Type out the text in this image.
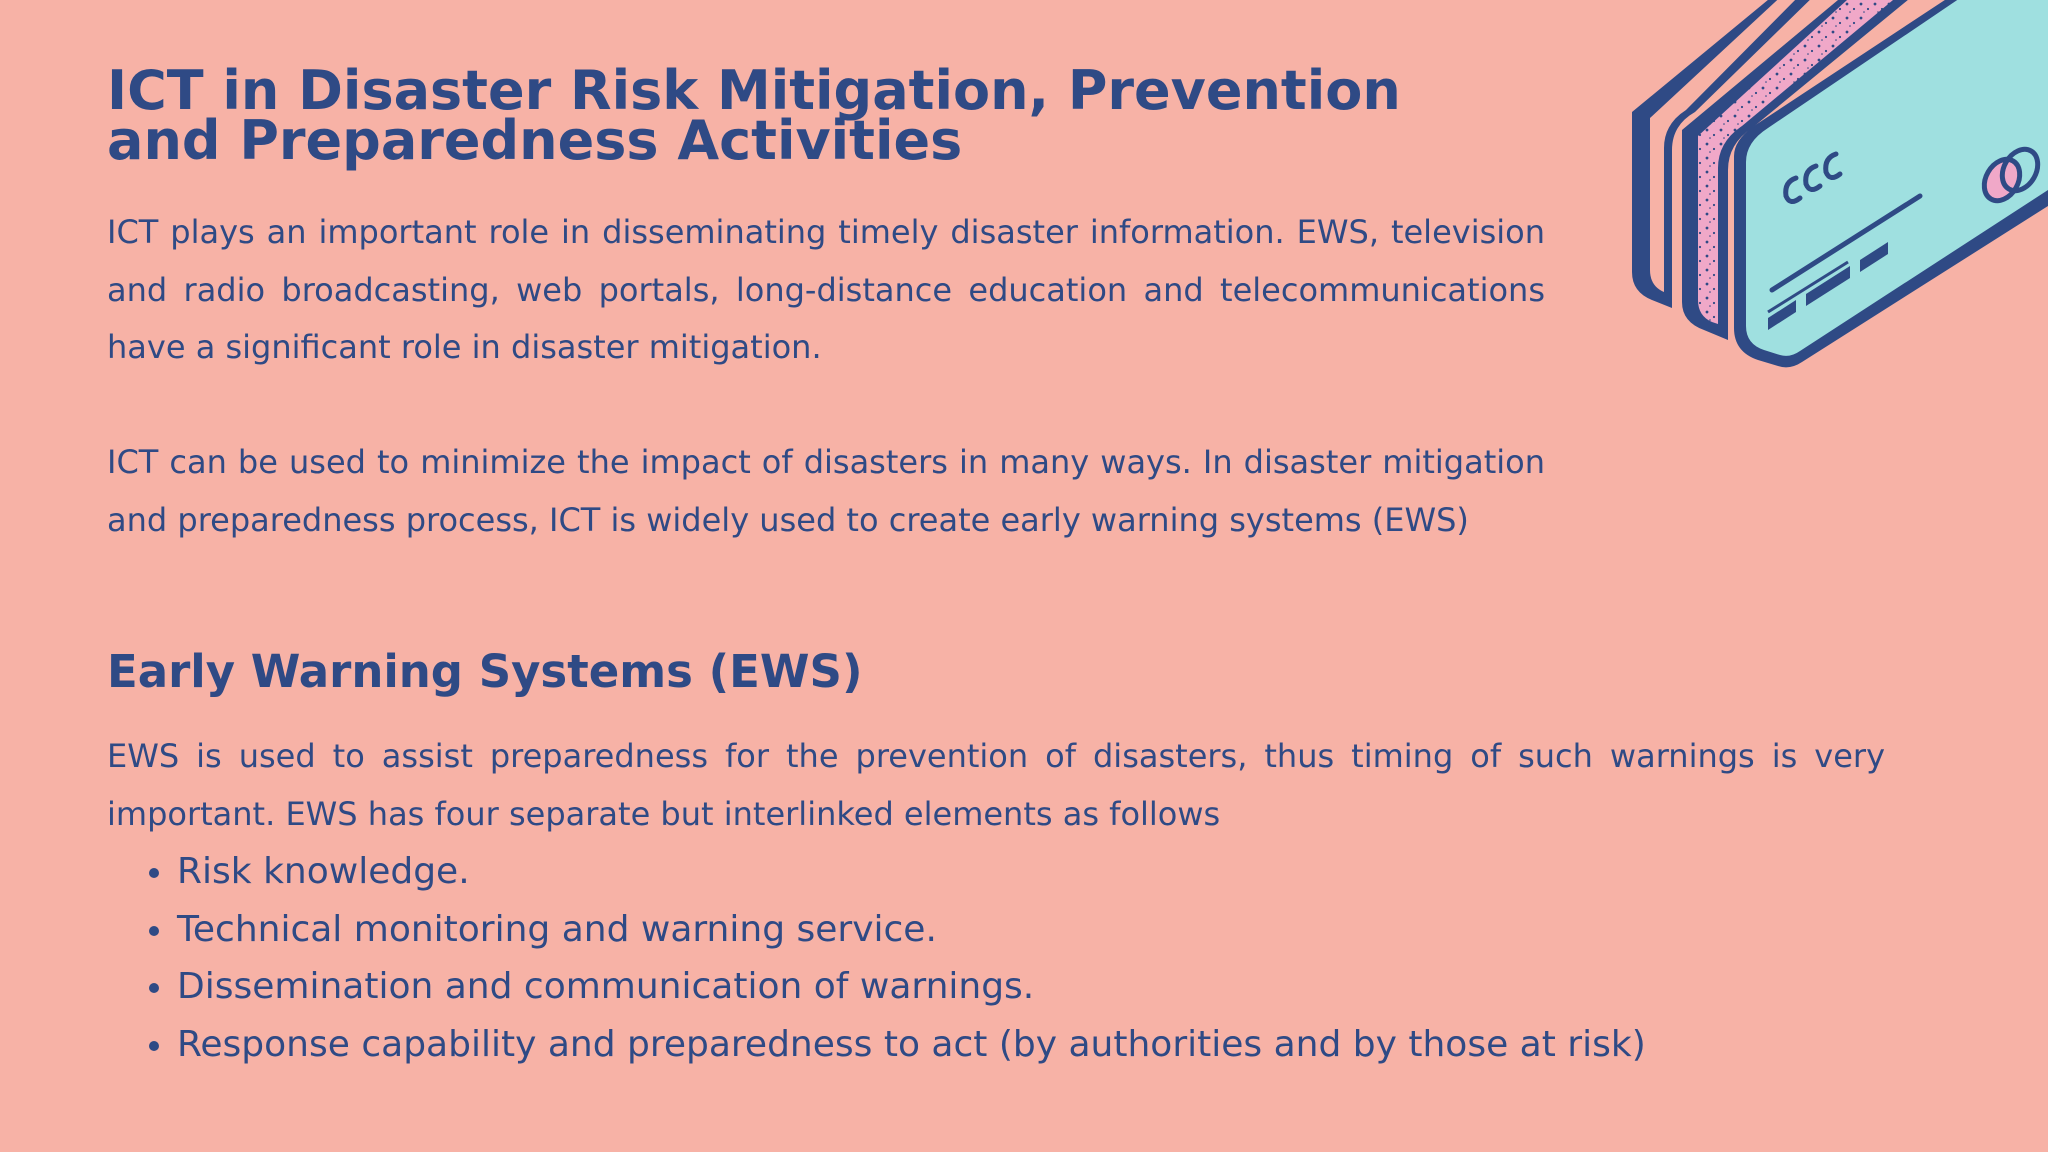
ICT in Disaster Risk Mitigation, Prevention and Preparedness Activities

ICT plays an important role in disseminating timely disaster information. EWS, television and radio broadcasting, web portals, long-distance education and telecommunications have a significant role in disaster mitigation.

ICT can be used to minimize the impact of disasters in many ways. In disaster mitigation and preparedness process, ICT is widely used to create early warning systems (EWS)

Early Warning Systems (EWS)

EWS is used to assist preparedness for the prevention of disasters, thus timing of such warnings is very important. EWS has four separate but interlinked elements as follows

Risk knowledge.
Technical monitoring and warning service.
Dissemination and communication of warnings.
Response capability and preparedness to act (by authorities and by those at risk)
